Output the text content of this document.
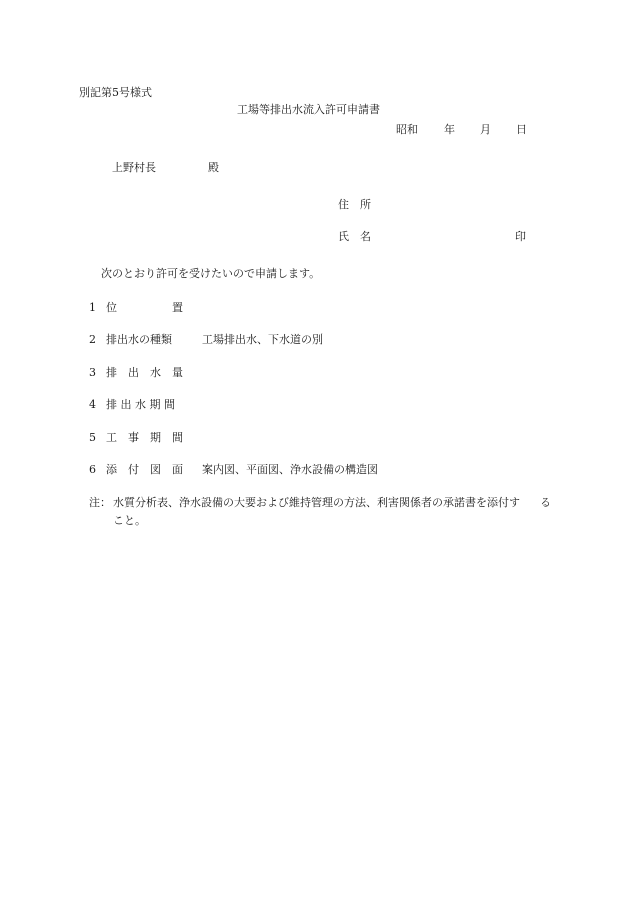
別記第5号様式
工場等排出水流入許可申請書
昭和 年 月 日
上野村長	殿
住　所
氏　名	印
次のとおり許可を受けたいので申請します。
1 位　　　　　置
2 排出水の種類	工場排出水、下水道の別
3 排　出　水　量
4 排 出 水 期 間
5 工　事　期　間
6 添　付　図　面 案内図、平面図、浄水設備の構造図
注： 水質分析表、浄水設備の大要および維持管理の方法、利害関係者の承諾書を添付す る
こと。
